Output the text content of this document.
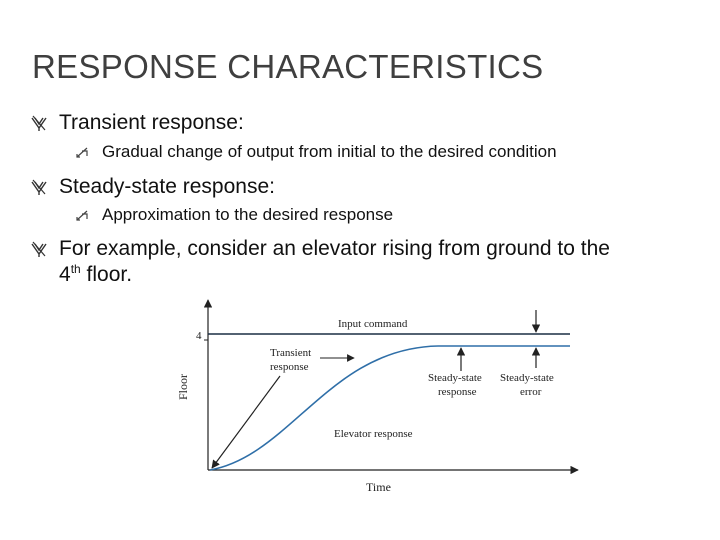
RESPONSE CHARACTERISTICS
Transient response:
Gradual change of output from initial to the desired condition
Steady-state response:
Approximation to the desired response
For example, consider an elevator rising from ground to the
4th floor.
4
Floor
Time
Input command
Transient
response
Steady-state
response
Steady-state
error
Elevator response
